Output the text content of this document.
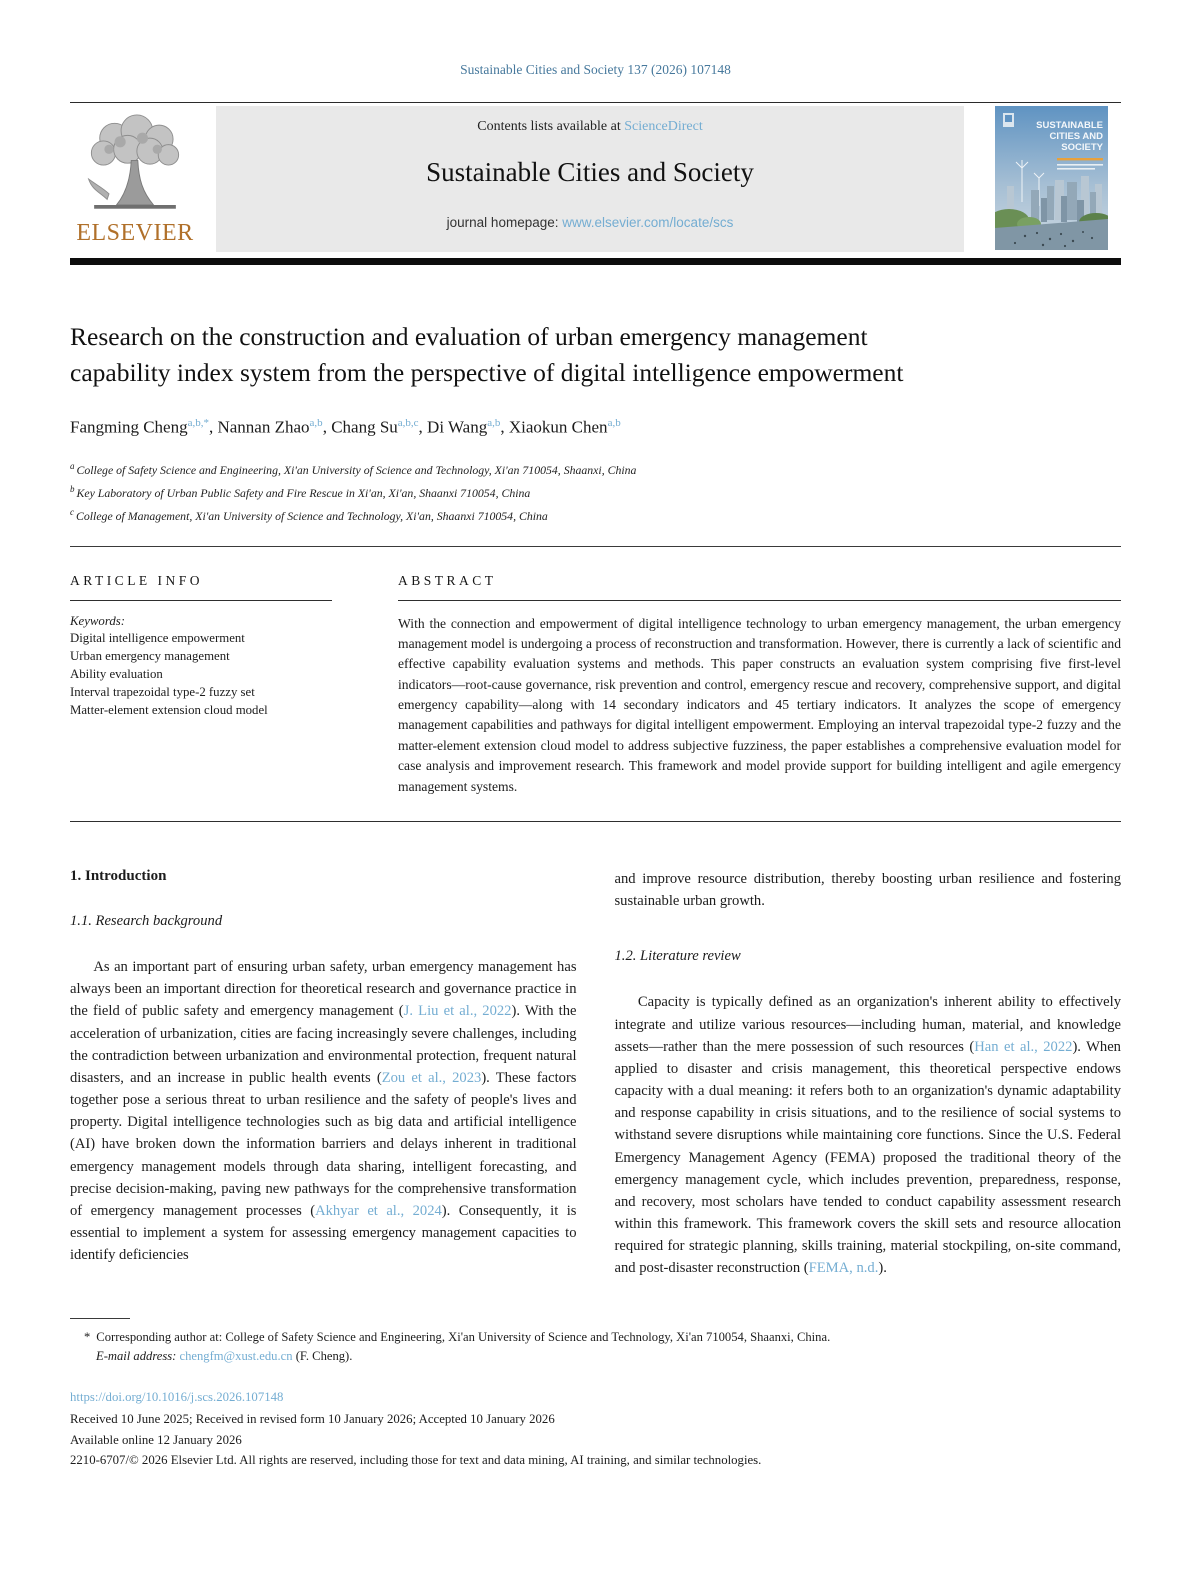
Sustainable Cities and Society 137 (2026) 107148
ELSEVIER
Contents lists available at ScienceDirect
Sustainable Cities and Society
journal homepage: www.elsevier.com/locate/scs
SUSTAINABLE
CITIES AND
SOCIETY
Research on the construction and evaluation of urban emergency management capability index system from the perspective of digital intelligence empowerment
Fangming Cheng$^{a,b,*}$, Nannan Zhao$^{a,b}$, Chang Su$^{a,b,c}$, Di Wang$^{a,b}$, Xiaokun Chen$^{a,b}$
$^a$ College of Safety Science and Engineering, Xi'an University of Science and Technology, Xi'an 710054, Shaanxi, China
$^b$ Key Laboratory of Urban Public Safety and Fire Rescue in Xi'an, Xi'an, Shaanxi 710054, China
$^c$ College of Management, Xi'an University of Science and Technology, Xi'an, Shaanxi 710054, China
ARTICLE INFO
Keywords:
Digital intelligence empowerment
Urban emergency management
Ability evaluation
Interval trapezoidal type-2 fuzzy set
Matter-element extension cloud model
ABSTRACT
With the connection and empowerment of digital intelligence technology to urban emergency management, the urban emergency management model is undergoing a process of reconstruction and transformation. However, there is currently a lack of scientific and effective capability evaluation systems and methods. This paper constructs an evaluation system comprising five first-level indicators—root-cause governance, risk prevention and control, emergency rescue and recovery, comprehensive support, and digital emergency capability—along with 14 secondary indicators and 45 tertiary indicators. It analyzes the scope of emergency management capabilities and pathways for digital intelligent empowerment. Employing an interval trapezoidal type-2 fuzzy and the matter-element extension cloud model to address subjective fuzziness, the paper establishes a comprehensive evaluation model for case analysis and improvement research. This framework and model provide support for building intelligent and agile emergency management systems.
1. Introduction
1.1. Research background

As an important part of ensuring urban safety, urban emergency management has always been an important direction for theoretical research and governance practice in the field of public safety and emergency management (J. Liu et al., 2022). With the acceleration of urbanization, cities are facing increasingly severe challenges, including the contradiction between urbanization and environmental protection, frequent natural disasters, and an increase in public health events (Zou et al., 2023). These factors together pose a serious threat to urban resilience and the safety of people's lives and property. Digital intelligence technologies such as big data and artificial intelligence (AI) have broken down the information barriers and delays inherent in traditional emergency management models through data sharing, intelligent forecasting, and precise decision-making, paving new pathways for the comprehensive transformation of emergency management processes (Akhyar et al., 2024). Consequently, it is essential to implement a system for assessing emergency management capacities to identify deficiencies

and improve resource distribution, thereby boosting urban resilience and fostering sustainable urban growth.

1.2. Literature review

Capacity is typically defined as an organization's inherent ability to effectively integrate and utilize various resources—including human, material, and knowledge assets—rather than the mere possession of such resources (Han et al., 2022). When applied to disaster and crisis management, this theoretical perspective endows capacity with a dual meaning: it refers both to an organization's dynamic adaptability and response capability in crisis situations, and to the resilience of social systems to withstand severe disruptions while maintaining core functions. Since the U.S. Federal Emergency Management Agency (FEMA) proposed the traditional theory of the emergency management cycle, which includes prevention, preparedness, response, and recovery, most scholars have tended to conduct capability assessment research within this framework. This framework covers the skill sets and resource allocation required for strategic planning, skills training, material stockpiling, on-site command, and post-disaster reconstruction (FEMA, n.d.).

* Corresponding author at: College of Safety Science and Engineering, Xi'an University of Science and Technology, Xi'an 710054, Shaanxi, China.
E-mail address: chengfm@xust.edu.cn (F. Cheng).
https://doi.org/10.1016/j.scs.2026.107148
Received 10 June 2025; Received in revised form 10 January 2026; Accepted 10 January 2026
Available online 12 January 2026
2210-6707/© 2026 Elsevier Ltd. All rights are reserved, including those for text and data mining, AI training, and similar technologies.
